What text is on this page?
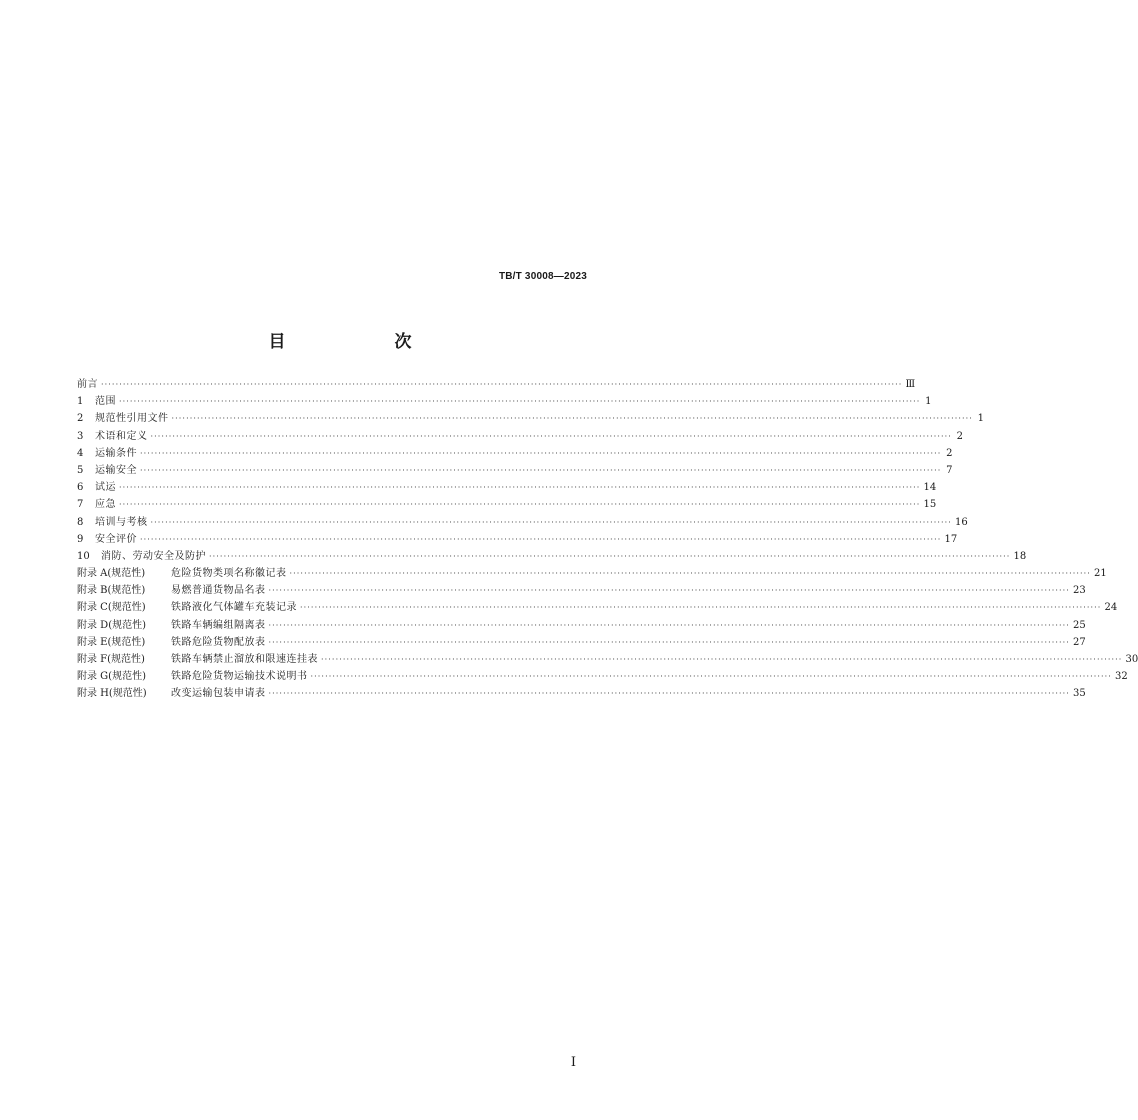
TB/T 30008—2023
目　次
前言 ···························································································································································································································· Ⅲ
1	范围 ···························································································································································································································· 1
2	规范性引用文件 ···························································································································································································································· 1
3	术语和定义 ···························································································································································································································· 2
4	运输条件 ···························································································································································································································· 2
5	运输安全 ···························································································································································································································· 7
6	试运 ···························································································································································································································· 14
7	应急 ···························································································································································································································· 15
8	培训与考核 ···························································································································································································································· 16
9	安全评价 ···························································································································································································································· 17
10	消防、劳动安全及防护 ···························································································································································································································· 18
附录 A(规范性)	危险货物类项名称徽记表 ···························································································································································································································· 21
附录 B(规范性)	易燃普通货物品名表 ···························································································································································································································· 23
附录 C(规范性)	铁路液化气体罐车充装记录 ···························································································································································································································· 24
附录 D(规范性)	铁路车辆编组隔离表 ···························································································································································································································· 25
附录 E(规范性)	铁路危险货物配放表 ···························································································································································································································· 27
附录 F(规范性)	铁路车辆禁止溜放和限速连挂表 ···························································································································································································································· 30
附录 G(规范性)	铁路危险货物运输技术说明书 ···························································································································································································································· 32
附录 H(规范性)	改变运输包装申请表 ···························································································································································································································· 35
I
